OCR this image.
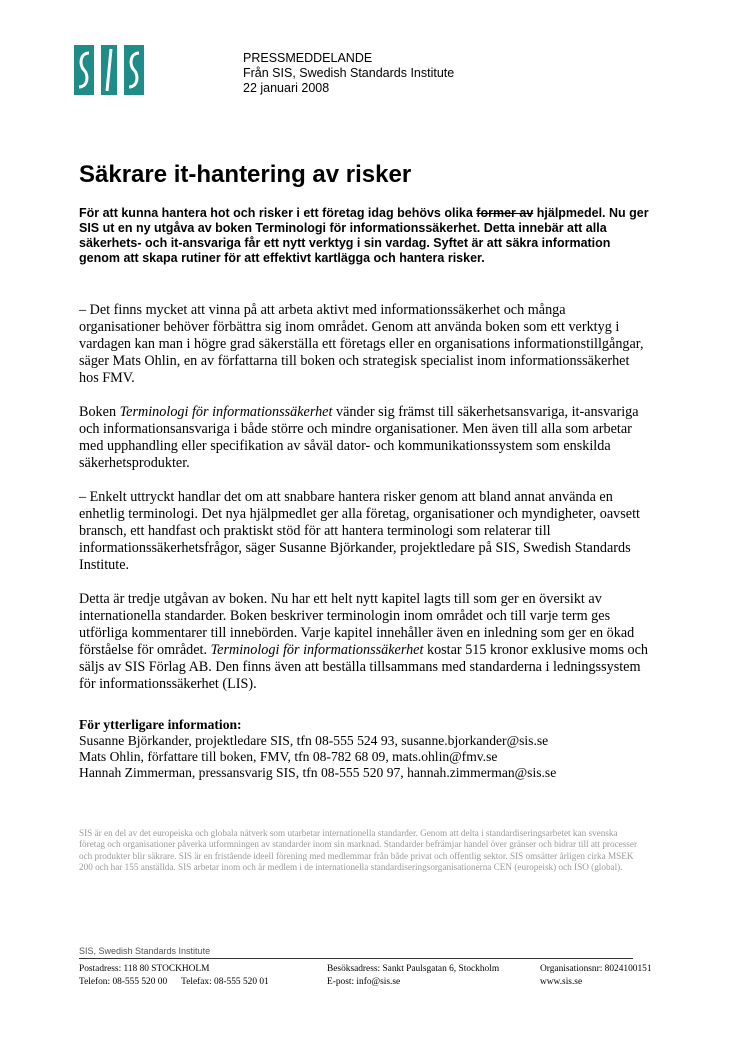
PRESSMEDDELANDE
Från SIS, Swedish Standards Institute
22 januari 2008
Säkrare it-hantering av risker
För att kunna hantera hot och risker i ett företag idag behövs olika former av hjälpmedel. Nu ger SIS ut en ny utgåva av boken Terminologi för informationssäkerhet. Detta innebär att alla säkerhets- och it-ansvariga får ett nytt verktyg i sin vardag. Syftet är att säkra information genom att skapa rutiner för att effektivt kartlägga och hantera risker.

– Det finns mycket att vinna på att arbeta aktivt med informationssäkerhet och många organisationer behöver förbättra sig inom området. Genom att använda boken som ett verktyg i vardagen kan man i högre grad säkerställa ett företags eller en organisations informationstillgångar, säger Mats Ohlin, en av författarna till boken och strategisk specialist inom informationssäkerhet hos FMV.

Boken Terminologi för informationssäkerhet vänder sig främst till säkerhetsansvariga, it-ansvariga och informationsansvariga i både större och mindre organisationer. Men även till alla som arbetar med upphandling eller specifikation av såväl dator- och kommunikationssystem som enskilda säkerhetsprodukter.

– Enkelt uttryckt handlar det om att snabbare hantera risker genom att bland annat använda en enhetlig terminologi. Det nya hjälpmedlet ger alla företag, organisationer och myndigheter, oavsett bransch, ett handfast och praktiskt stöd för att hantera terminologi som relaterar till informationssäkerhetsfrågor, säger Susanne Björkander, projektledare på SIS, Swedish Standards Institute.

Detta är tredje utgåvan av boken. Nu har ett helt nytt kapitel lagts till som ger en översikt av internationella standarder. Boken beskriver terminologin inom området och till varje term ges utförliga kommentarer till innebörden. Varje kapitel innehåller även en inledning som ger en ökad förståelse för området. Terminologi för informationssäkerhet kostar 515 kronor exklusive moms och säljs av SIS Förlag AB. Den finns även att beställa tillsammans med standarderna i ledningssystem för informationssäkerhet (LIS).

För ytterligare information:
Susanne Björkander, projektledare SIS, tfn 08-555 524 93, susanne.bjorkander@sis.se
Mats Ohlin, författare till boken, FMV, tfn 08-782 68 09, mats.ohlin@fmv.se
Hannah Zimmerman, pressansvarig SIS, tfn 08-555 520 97, hannah.zimmerman@sis.se
SIS är en del av det europeiska och globala nätverk som utarbetar internationella standarder. Genom att delta i standardiseringsarbetet kan svenska företag och organisationer påverka utformningen av standarder inom sin marknad. Standarder befrämjar handel över gränser och bidrar till att processer och produkter blir säkrare. SIS är en fristående ideell förening med medlemmar från både privat och offentlig sektor. SIS omsätter årligen cirka MSEK 200 och har 155 anställda. SIS arbetar inom och är medlem i de internationella standardiseringsorganisationerna CEN (europeisk) och ISO (global).
SIS, Swedish Standards Institute
Postadress: 118 80 STOCKHOLM
Telefon: 08-555 520 00 Telefax: 08-555 520 01
Besöksadress: Sankt Paulsgatan 6, Stockholm
E-post: info@sis.se
Organisationsnr: 8024100151
www.sis.se
